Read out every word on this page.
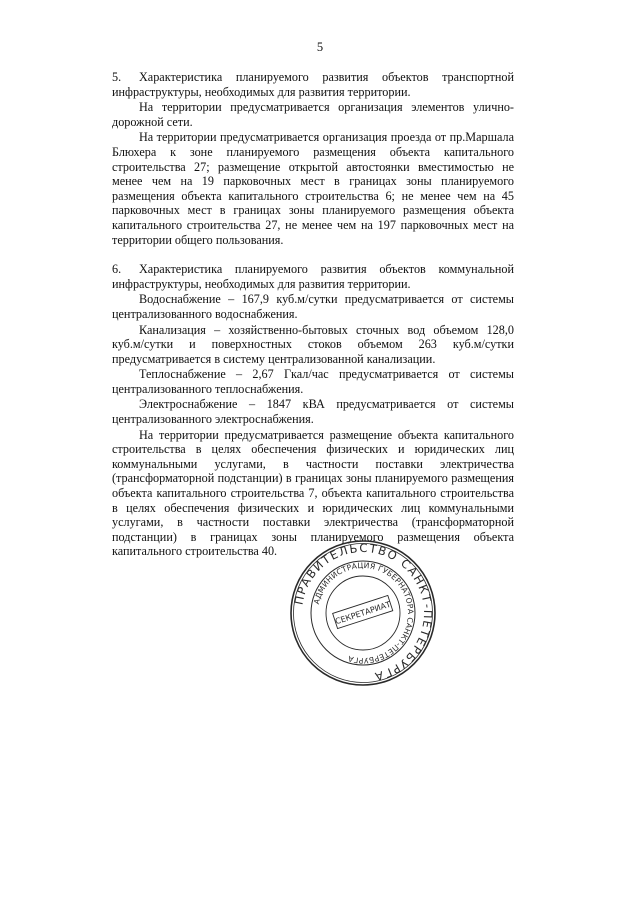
5

5. Характеристика планируемого развития объектов транспортной инфраструктуры, необходимых для развития территории.

На территории предусматривается организация элементов улично-дорожной сети.

На территории предусматривается организация проезда от пр.Маршала Блюхера к зоне планируемого размещения объекта капитального строительства 27; размещение открытой автостоянки вместимостью не менее чем на 19 парковочных мест в границах зоны планируемого размещения объекта капитального строительства 6; не менее чем на 45 парковочных мест в границах зоны планируемого размещения объекта капитального строительства 27, не менее чем на 197 парковочных мест на территории общего пользования.

6. Характеристика планируемого развития объектов коммунальной инфраструктуры, необходимых для развития территории.

Водоснабжение – 167,9 куб.м/сутки предусматривается от системы централизованного водоснабжения.

Канализация – хозяйственно-бытовых сточных вод объемом 128,0 куб.м/сутки и поверхностных стоков объемом 263 куб.м/сутки предусматривается в систему централизованной канализации.

Теплоснабжение – 2,67 Гкал/час предусматривается от системы централизованного теплоснабжения.

Электроснабжение – 1847 кВА предусматривается от системы централизованного электроснабжения.

На территории предусматривается размещение объекта капитального строительства в целях обеспечения физических и юридических лиц коммунальными услугами, в частности поставки электричества (трансформаторной подстанции) в границах зоны планируемого размещения объекта капитального строительства 7, объекта капитального строительства в целях обеспечения физических и юридических лиц коммунальными услугами, в частности поставки электричества (трансформаторной подстанции) в границах зоны планируемого размещения объекта капитального строительства 40.

ПРАВИТЕЛЬСТВО САНКТ-ПЕТЕРБУРГА
АДМИНИСТРАЦИЯ ГУБЕРНАТОРА САНКТ-ПЕТЕРБУРГА
СЕКРЕТАРИАТ
